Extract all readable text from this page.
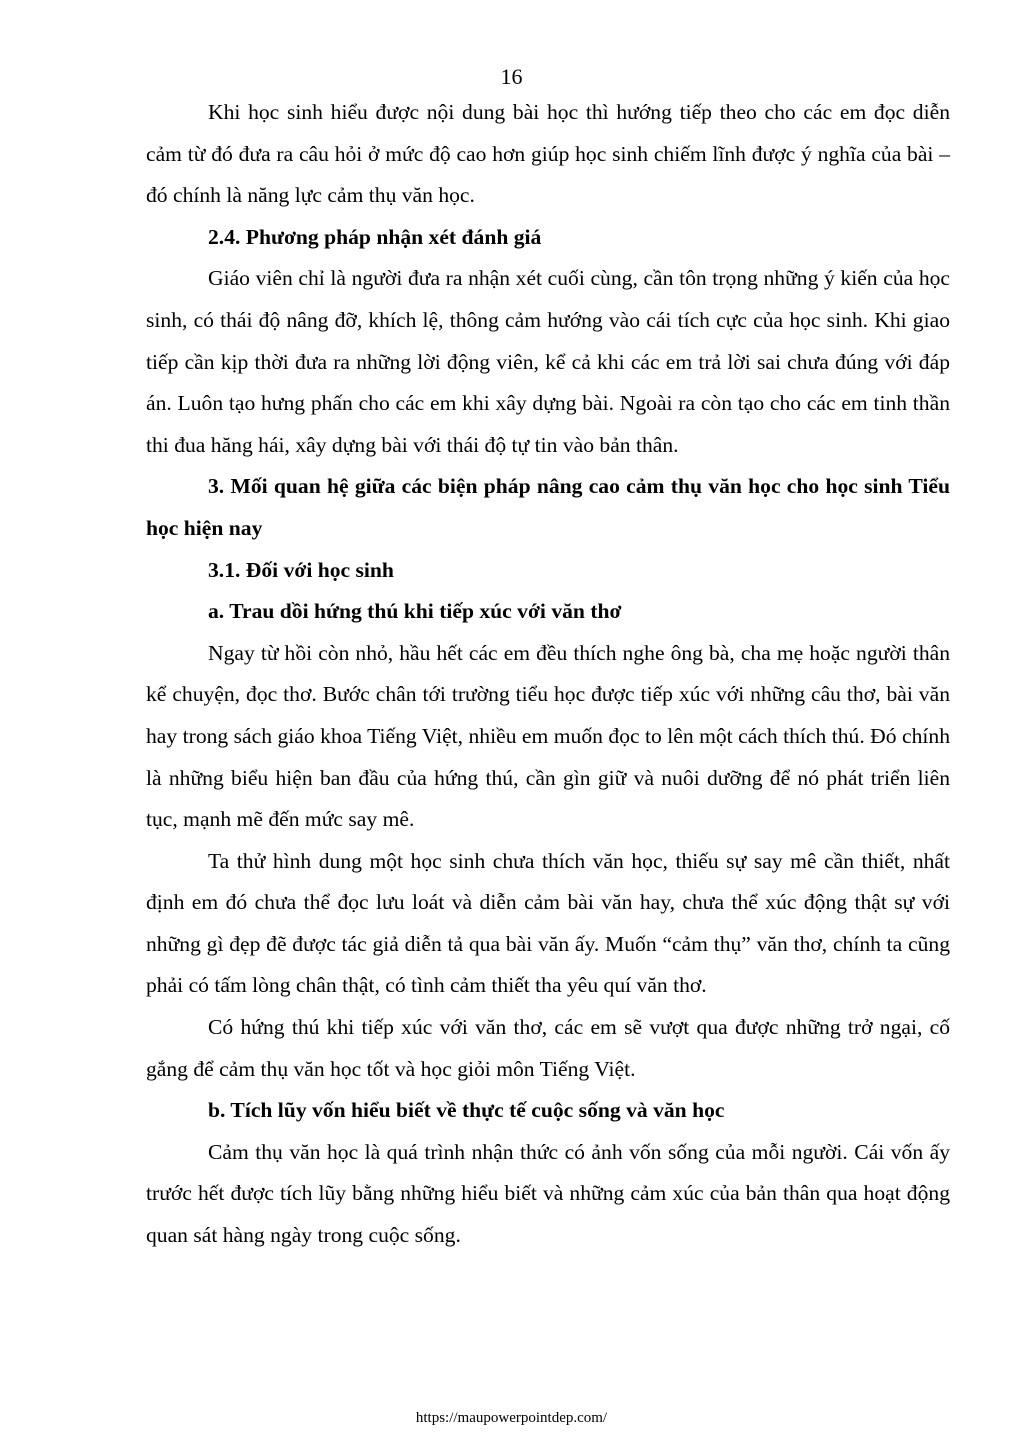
16

Khi học sinh hiểu được nội dung bài học thì hướng tiếp theo cho các em đọc diễn cảm từ đó đưa ra câu hỏi ở mức độ cao hơn giúp học sinh chiếm lĩnh được ý nghĩa của bài – đó chính là năng lực cảm thụ văn học.

2.4. Phương pháp nhận xét đánh giá

Giáo viên chỉ là người đưa ra nhận xét cuối cùng, cần tôn trọng những ý kiến của học sinh, có thái độ nâng đỡ, khích lệ, thông cảm hướng vào cái tích cực của học sinh. Khi giao tiếp cần kịp thời đưa ra những lời động viên, kể cả khi các em trả lời sai chưa đúng với đáp án. Luôn tạo hưng phấn cho các em khi xây dựng bài. Ngoài ra còn tạo cho các em tinh thần thi đua hăng hái, xây dựng bài với thái độ tự tin vào bản thân.

3. Mối quan hệ giữa các biện pháp nâng cao cảm thụ văn học cho học sinh Tiểu học hiện nay

3.1. Đối với học sinh

a. Trau dồi hứng thú khi tiếp xúc với văn thơ

Ngay từ hồi còn nhỏ, hầu hết các em đều thích nghe ông bà, cha mẹ hoặc người thân kể chuyện, đọc thơ. Bước chân tới trường tiểu học được tiếp xúc với những câu thơ, bài văn hay trong sách giáo khoa Tiếng Việt, nhiều em muốn đọc to lên một cách thích thú. Đó chính là những biểu hiện ban đầu của hứng thú, cần gìn giữ và nuôi dưỡng để nó phát triển liên tục, mạnh mẽ đến mức say mê.

Ta thử hình dung một học sinh chưa thích văn học, thiếu sự say mê cần thiết, nhất định em đó chưa thể đọc lưu loát và diễn cảm bài văn hay, chưa thể xúc động thật sự với những gì đẹp đẽ được tác giả diễn tả qua bài văn ấy. Muốn “cảm thụ” văn thơ, chính ta cũng phải có tấm lòng chân thật, có tình cảm thiết tha yêu quí văn thơ.

Có hứng thú khi tiếp xúc với văn thơ, các em sẽ vượt qua được những trở ngại, cố gắng để cảm thụ văn học tốt và học giỏi môn Tiếng Việt.

b. Tích lũy vốn hiểu biết về thực tế cuộc sống và văn học

Cảm thụ văn học là quá trình nhận thức có ảnh vốn sống của mỗi người. Cái vốn ấy trước hết được tích lũy bằng những hiểu biết và những cảm xúc của bản thân qua hoạt động quan sát hàng ngày trong cuộc sống.

https://maupowerpointdep.com/
